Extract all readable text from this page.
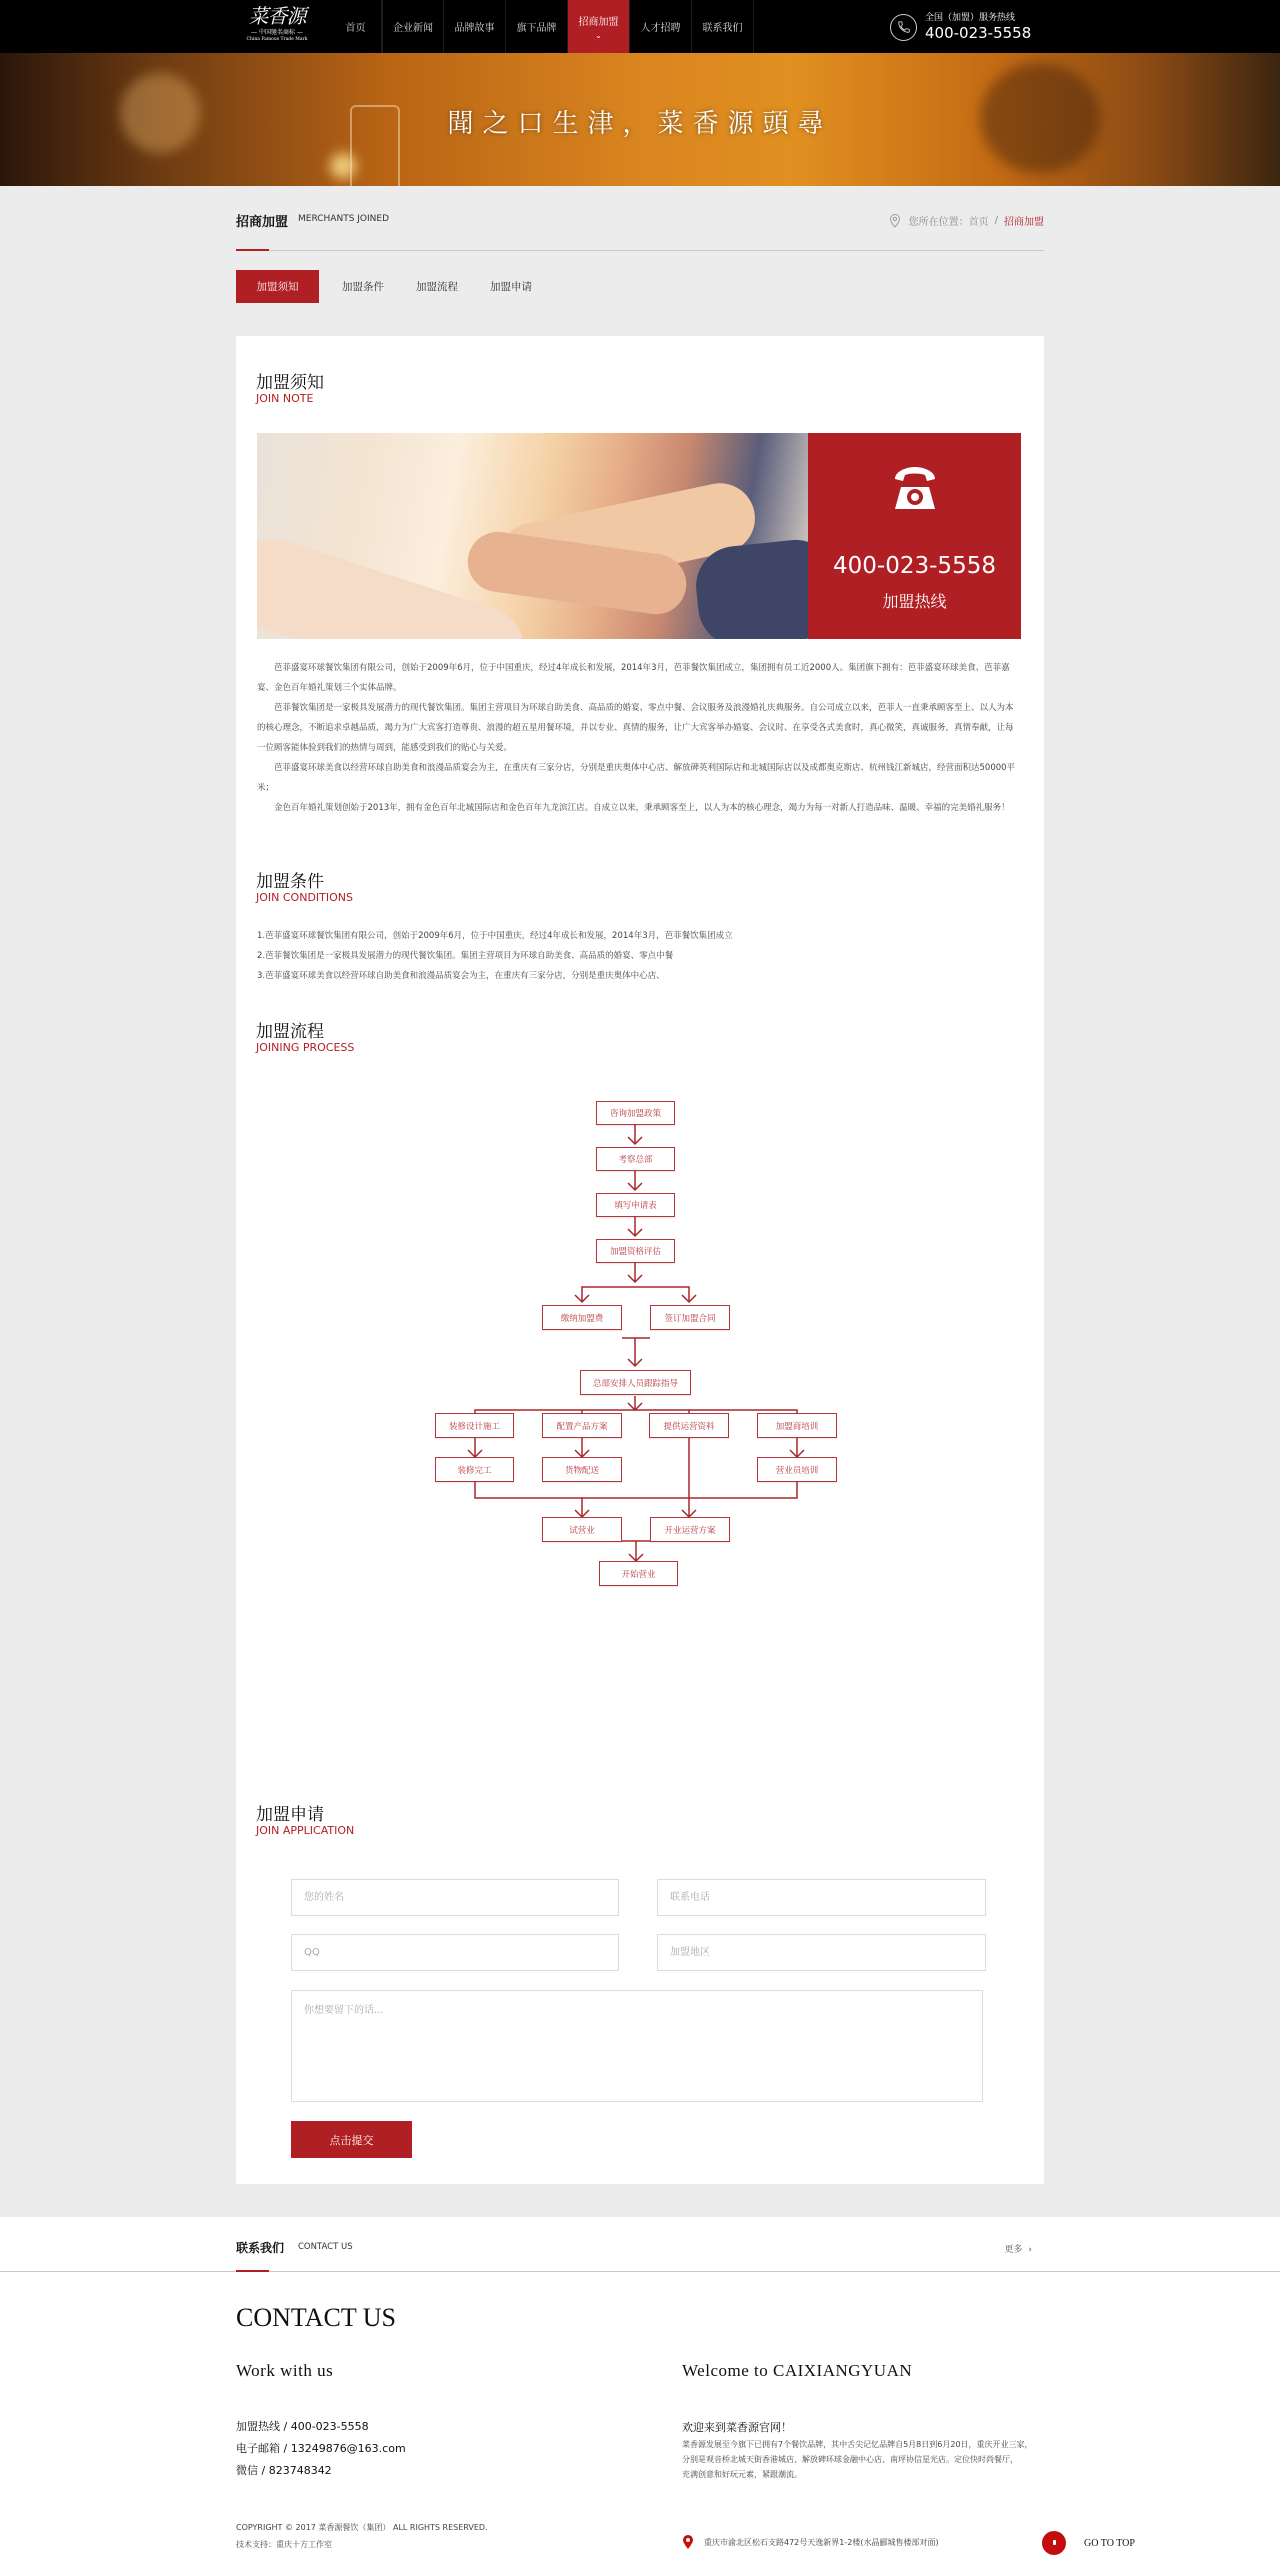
菜香源
— 中国驰名商标 —
China Famous Trade Mark
首页	企业新闻 品牌故事 旗下品牌
招商加盟
⌄
人才招聘 联系我们
全国（加盟）服务热线
400-023-5558
聞之口生津，菜香源頭尋
招商加盟 MERCHANTS JOINED	您所在位置： 首页 / 招商加盟
加盟须知	加盟条件	加盟流程	加盟申请
加盟须知
JOIN NOTE
400-023-5558
加盟热线

芭菲盛宴环球餐饮集团有限公司，创始于2009年6月，位于中国重庆，经过4年成长和发展，2014年3月，芭菲餐饮集团成立，集团拥有员工近2000人。集团旗下拥有：芭菲盛宴环球美食、芭菲嘉宴、金色百年婚礼策划三个实体品牌。

芭菲餐饮集团是一家极具发展潜力的现代餐饮集团。集团主营项目为环球自助美食、高品质的婚宴、零点中餐、会议服务及浪漫婚礼庆典服务。自公司成立以来，芭菲人一直秉承顾客至上、以人为本的核心理念，不断追求卓越品质，竭力为广大宾客打造尊贵、浪漫的超五星用餐环境，并以专业、真情的服务，让广大宾客举办婚宴、会议时、在享受各式美食时，真心微笑，真诚服务，真情奉献，让每一位顾客能体验到我们的热情与周到，能感受到我们的贴心与关爱。

芭菲盛宴环球美食以经营环球自助美食和浪漫品质宴会为主，在重庆有三家分店，分别是重庆奥体中心店、解放碑英利国际店和北城国际店以及成都奥克斯店、杭州钱江新城店，经营面积达50000平米；

金色百年婚礼策划创始于2013年，拥有金色百年北城国际店和金色百年九龙滨江店。自成立以来，秉承顾客至上，以人为本的核心理念，竭力为每一对新人打造品味、温暖、幸福的完美婚礼服务！

加盟条件
JOIN CONDITIONS
1.芭菲盛宴环球餐饮集团有限公司，创始于2009年6月，位于中国重庆，经过4年成长和发展，2014年3月，芭菲餐饮集团成立
2.芭菲餐饮集团是一家极具发展潜力的现代餐饮集团。集团主营项目为环球自助美食、高品质的婚宴、零点中餐
3.芭菲盛宴环球美食以经营环球自助美食和浪漫品质宴会为主，在重庆有三家分店，分别是重庆奥体中心店、
加盟流程
JOINING PROCESS
咨询加盟政策
考察总部
填写申请表
加盟资格评估
缴纳加盟费	签订加盟合同
总部安排人员跟踪指导
装修设计施工	配置产品方案	提供运营资料	加盟商培训
装修完工	货物配送	营业员培训
试营业	开业运营方案
开始营业
加盟申请
JOIN APPLICATION
您的姓名
联系电话
QQ
加盟地区
你想要留下的话...
点击提交
联系我们 CONTACT US	更多 ›
CONTACT US
Work with us	Welcome to CAIXIANGYUAN
加盟热线 / 400-023-5558
电子邮箱 / 13249876@163.com
微信 / 823748342
COPYRIGHT © 2017 菜香源餐饮（集团） ALL RIGHTS RESERVED.
技术支持：重庆十方工作室
欢迎来到菜香源官网！
菜香源发展至今旗下已拥有7个餐饮品牌，其中舌尖记忆品牌自5月8日到6月20日，重庆开业三家，
分别是观音桥北城天街香港城店、解放碑环球金融中心店、南坪协信星光店。定位快时尚餐厅，
充满创意和好玩元素，紧跟潮流。
重庆市渝北区松石支路472号天逸新界1-2楼(水晶郦城售楼部对面)	GO TO TOP
